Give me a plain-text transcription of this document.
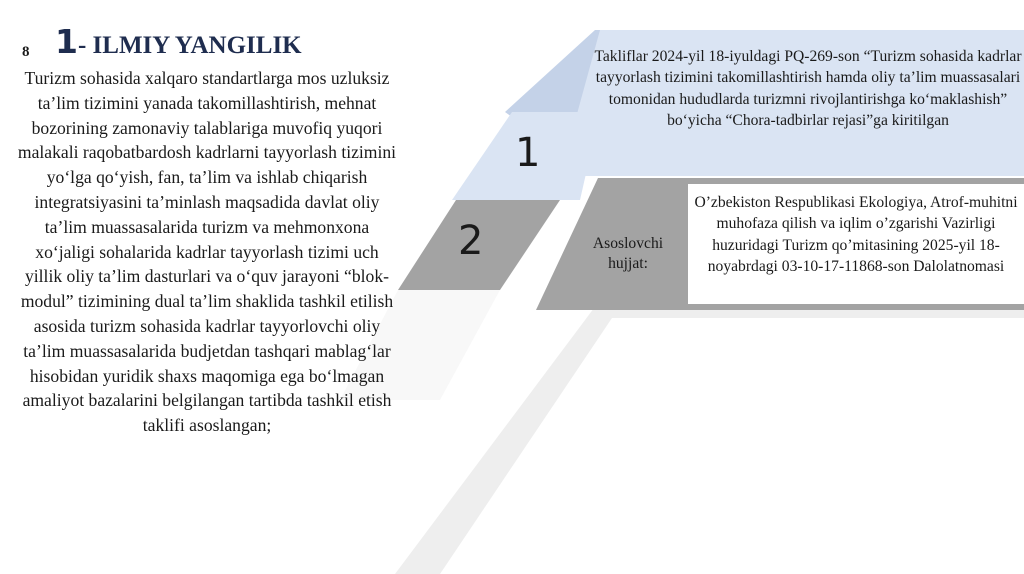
8 1- ILMIY YANGILIK
Turizm sohasida xalqaro standartlarga mos uzluksiz ta’lim tizimini yanada takomillashtirish, mehnat bozorining zamonaviy talablariga muvofiq yuqori malakali raqobatbardosh kadrlarni tayyorlash tizimini yo‘lga qo‘yish, fan, ta’lim va ishlab chiqarish integratsiyasini ta’minlash maqsadida davlat oliy ta’lim muassasalarida turizm va mehmonxona xo‘jaligi sohalarida kadrlar tayyorlash tizimi uch yillik oliy ta’lim dasturlari va o‘quv jarayoni “blok-modul” tizimining dual ta’lim shaklida tashkil etilish asosida turizm sohasida kadrlar tayyorlovchi oliy ta’lim muassasalarida budjetdan tashqari mablag‘lar hisobidan yuridik shaxs maqomiga ega bo‘lmagan amaliyot bazalarini belgilangan tartibda tashkil etish taklifi asoslangan;
1
2
Takliflar 2024-yil 18-iyuldagi PQ-269-son “Turizm sohasida kadrlar tayyorlash tizimini takomillashtirish hamda oliy ta’lim muassasalari tomonidan hududlarda turizmni rivojlantirishga ko‘maklashish” bo‘yicha “Chora-tadbirlar rejasi”ga kiritilgan
Asoslovchi hujjat:
O’zbekiston Respublikasi Ekologiya, Atrof-muhitni muhofaza qilish va iqlim o’zgarishi Vazirligi huzuridagi Turizm qo’mitasining 2025-yil 18-noyabrdagi 03-10-17-11868-son Dalolatnomasi
